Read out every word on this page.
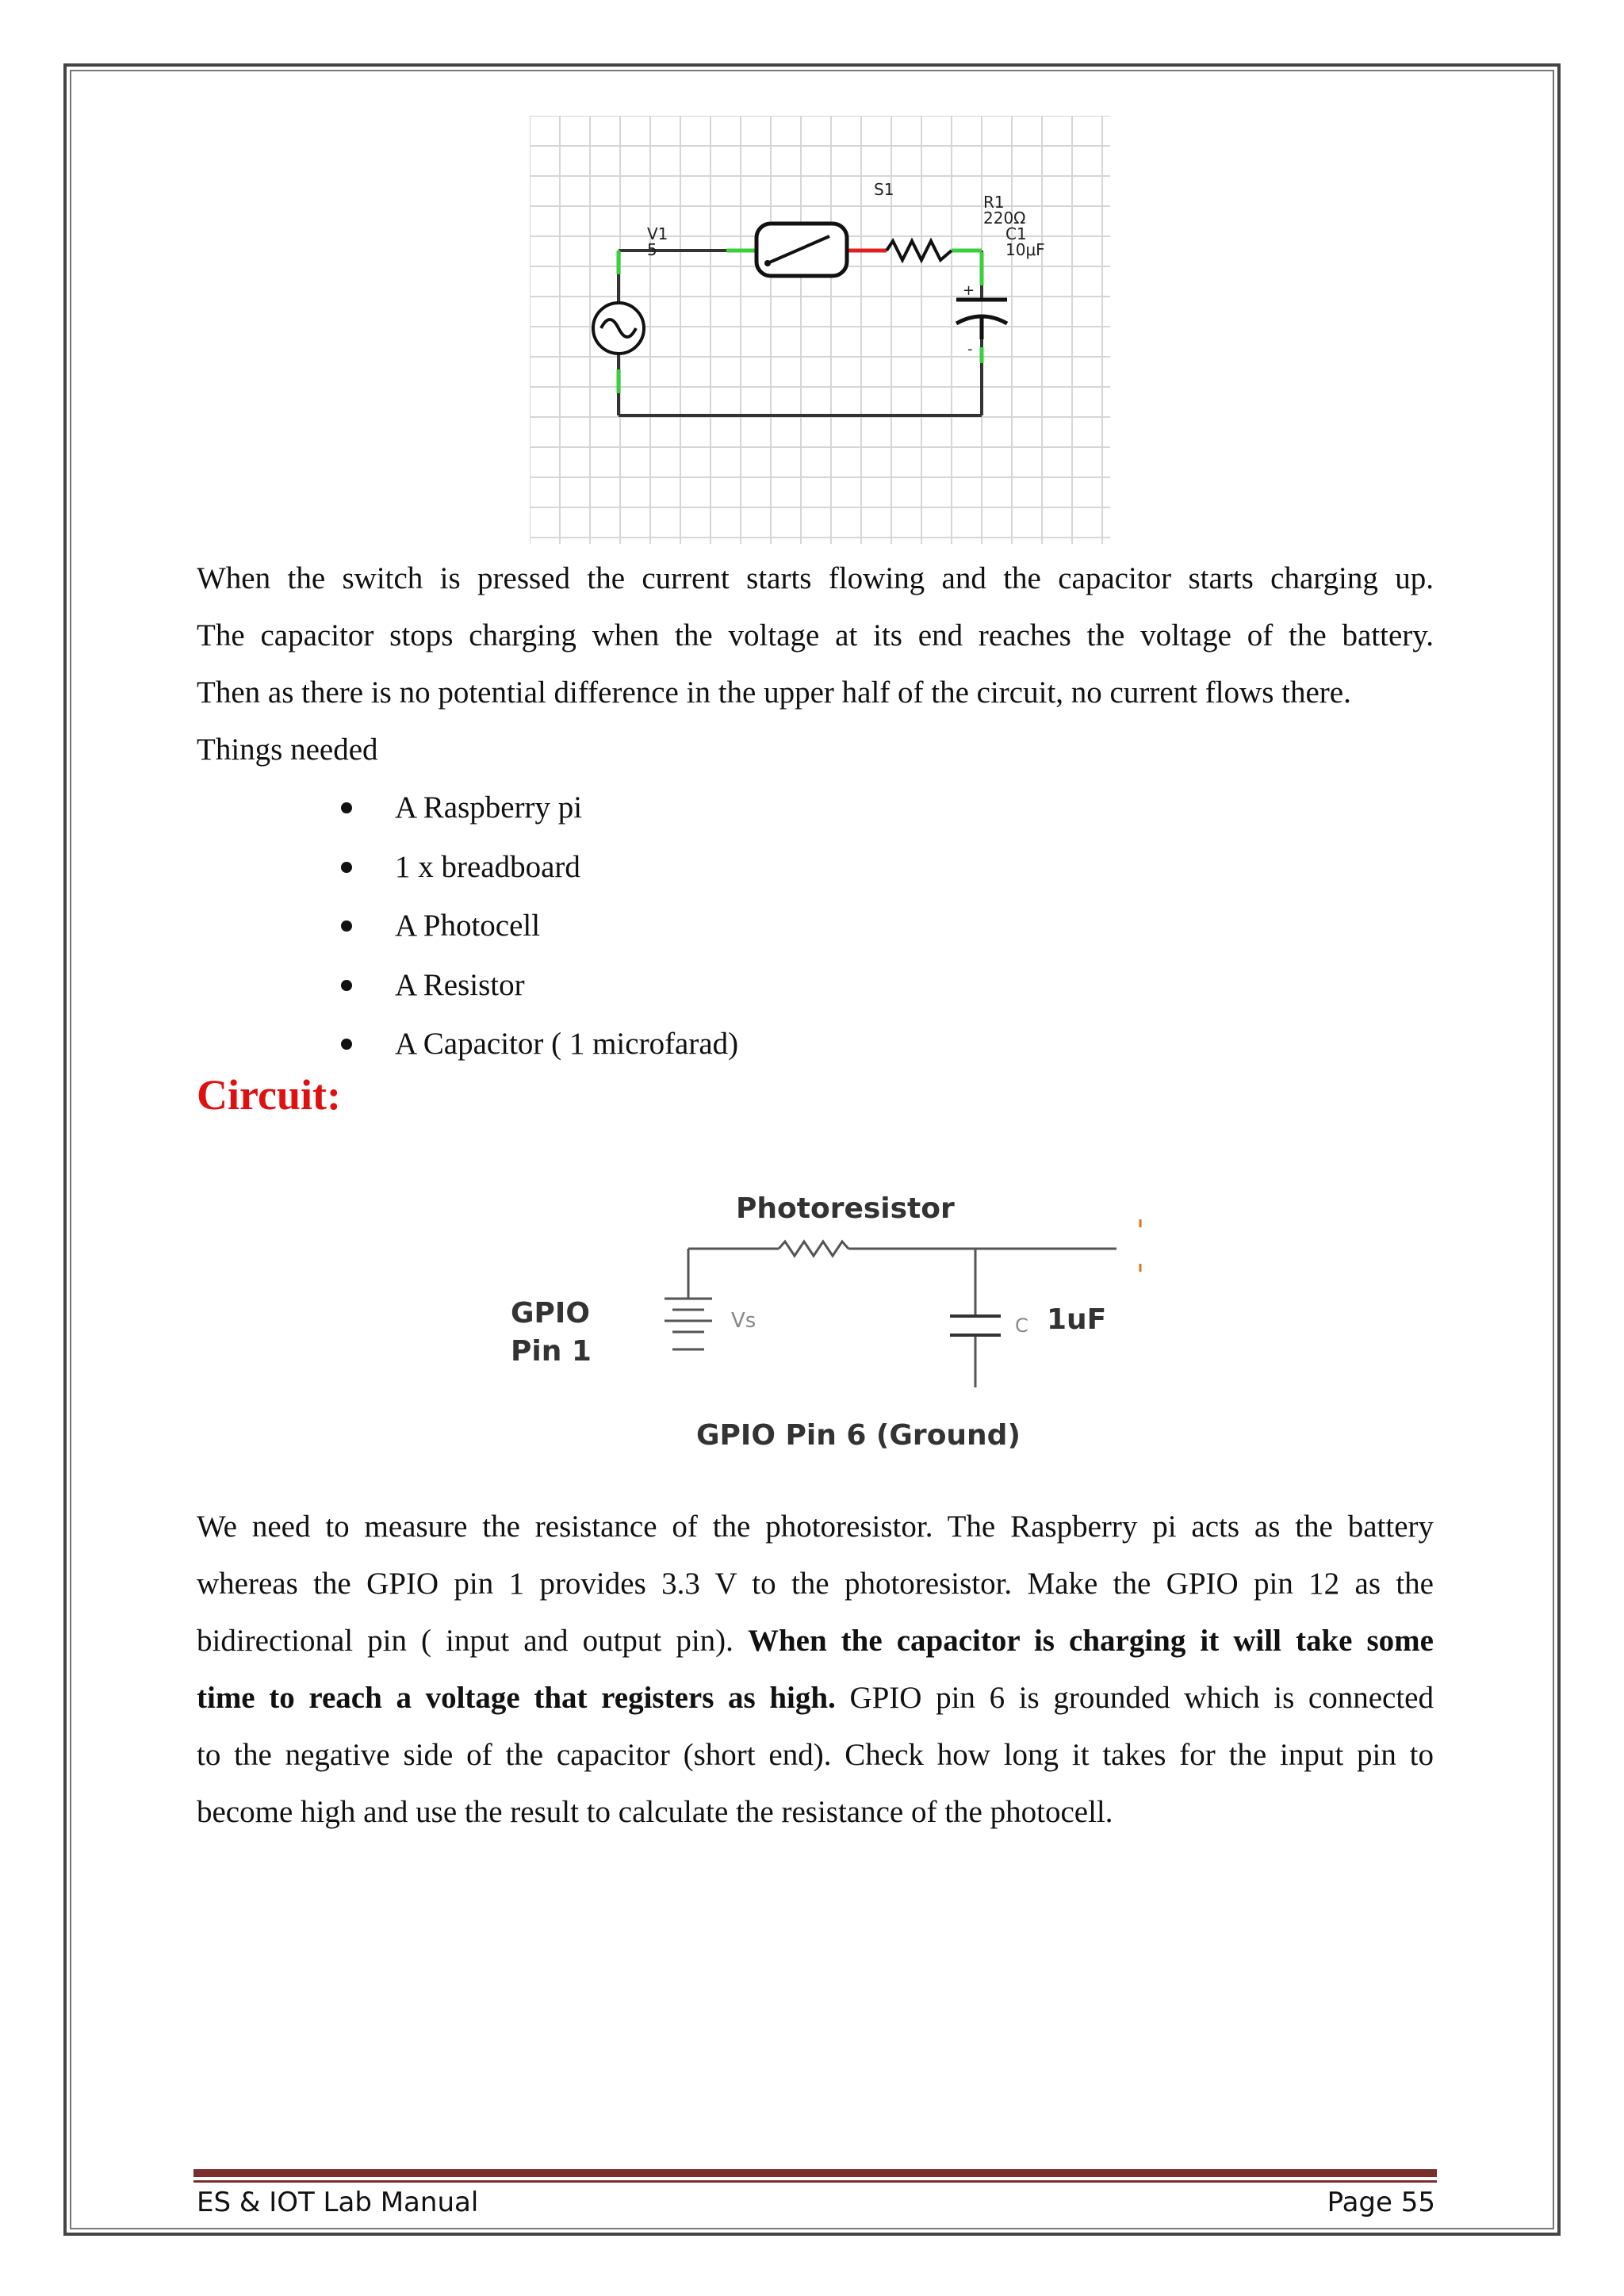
S1
R1
220Ω
C1
10μF
V1
5
+
-
When the switch is pressed the current starts flowing and the capacitor starts charging up.
The capacitor stops charging when the voltage at its end reaches the voltage of the battery.
Then as there is no potential difference in the upper half of the circuit, no current flows there.

Things needed

A Raspberry pi
1 x breadboard
A Photocell
A Resistor
A Capacitor ( 1 microfarad)
Circuit:
Photoresistor
GPIO
Pin 1
Vs	C 1uF
GPIO Pin 6 (Ground)
We need to measure the resistance of the photoresistor. The Raspberry pi acts as the battery
whereas the GPIO pin 1 provides 3.3 V to the photoresistor. Make the GPIO pin 12 as the
bidirectional pin ( input and output pin). When the capacitor is charging it will take some
time to reach a voltage that registers as high. GPIO pin 6 is grounded which is connected
to the negative side of the capacitor (short end). Check how long it takes for the input pin to
become high and use the result to calculate the resistance of the photocell.
ES & IOT Lab Manual	Page 55
